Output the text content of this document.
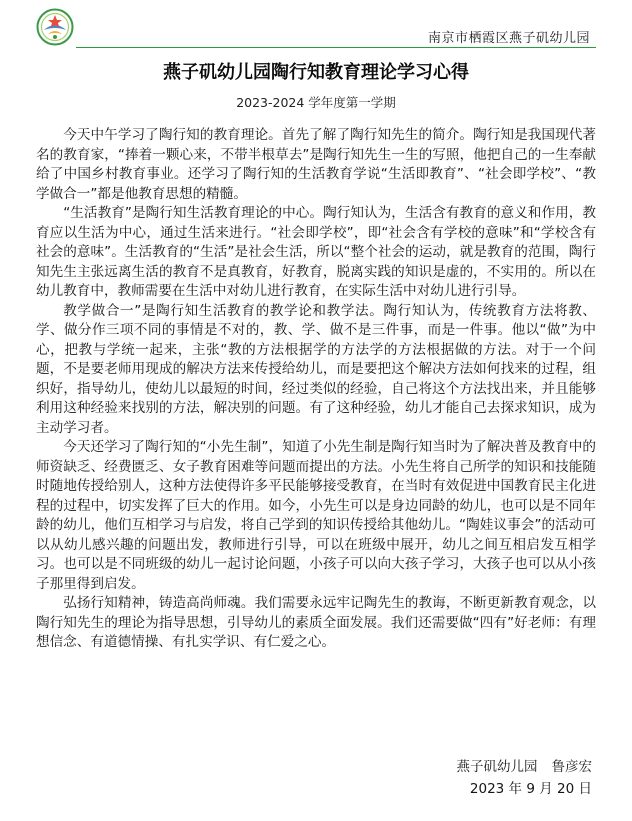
南京市栖霞区燕子矶幼儿园
燕子矶幼儿园陶行知教育理论学习心得
2023-2024 学年度第一学期

今天中午学习了陶行知的教育理论。首先了解了陶行知先生的简介。陶行知是我国现代著名的教育家，“捧着一颗心来，不带半根草去”是陶行知先生一生的写照，他把自己的一生奉献给了中国乡村教育事业。还学习了陶行知的生活教育学说“生活即教育”、“社会即学校”、“教学做合一”都是他教育思想的精髓。

“生活教育”是陶行知生活教育理论的中心。陶行知认为，生活含有教育的意义和作用，教育应以生活为中心，通过生活来进行。“社会即学校”，即“社会含有学校的意味”和“学校含有社会的意味”。生活教育的“生活”是社会生活，所以“整个社会的运动，就是教育的范围，陶行知先生主张远离生活的教育不是真教育，好教育，脱离实践的知识是虚的，不实用的。所以在幼儿教育中，教师需要在生活中对幼儿进行教育，在实际生活中对幼儿进行引导。

教学做合一”是陶行知生活教育的教学论和教学法。陶行知认为，传统教育方法将教、学、做分作三项不同的事情是不对的，教、学、做不是三件事，而是一件事。他以“做”为中心，把教与学统一起来，主张“教的方法根据学的方法学的方法根据做的方法。对于一个问题，不是要老师用现成的解决方法来传授给幼儿，而是要把这个解决方法如何找来的过程，组织好，指导幼儿，使幼儿以最短的时间，经过类似的经验，自己将这个方法找出来，并且能够利用这种经验来找别的方法，解决别的问题。有了这种经验，幼儿才能自己去探求知识，成为主动学习者。

今天还学习了陶行知的“小先生制”，知道了小先生制是陶行知当时为了解决普及教育中的师资缺乏、经费匮乏、女子教育困难等问题而提出的方法。小先生将自己所学的知识和技能随时随地传授给别人，这种方法使得许多平民能够接受教育，在当时有效促进中国教育民主化进程的过程中，切实发挥了巨大的作用。如今，小先生可以是身边同龄的幼儿，也可以是不同年龄的幼儿，他们互相学习与启发，将自己学到的知识传授给其他幼儿。“陶娃议事会”的活动可以从幼儿感兴趣的问题出发，教师进行引导，可以在班级中展开，幼儿之间互相启发互相学习。也可以是不同班级的幼儿一起讨论问题，小孩子可以向大孩子学习，大孩子也可以从小孩子那里得到启发。

弘扬行知精神，铸造高尚师魂。我们需要永远牢记陶先生的教诲，不断更新教育观念，以陶行知先生的理论为指导思想，引导幼儿的素质全面发展。我们还需要做“四有”好老师：有理想信念、有道德情操、有扎实学识、有仁爱之心。

燕子矶幼儿园 鲁彦宏
2023 年 9 月 20 日
